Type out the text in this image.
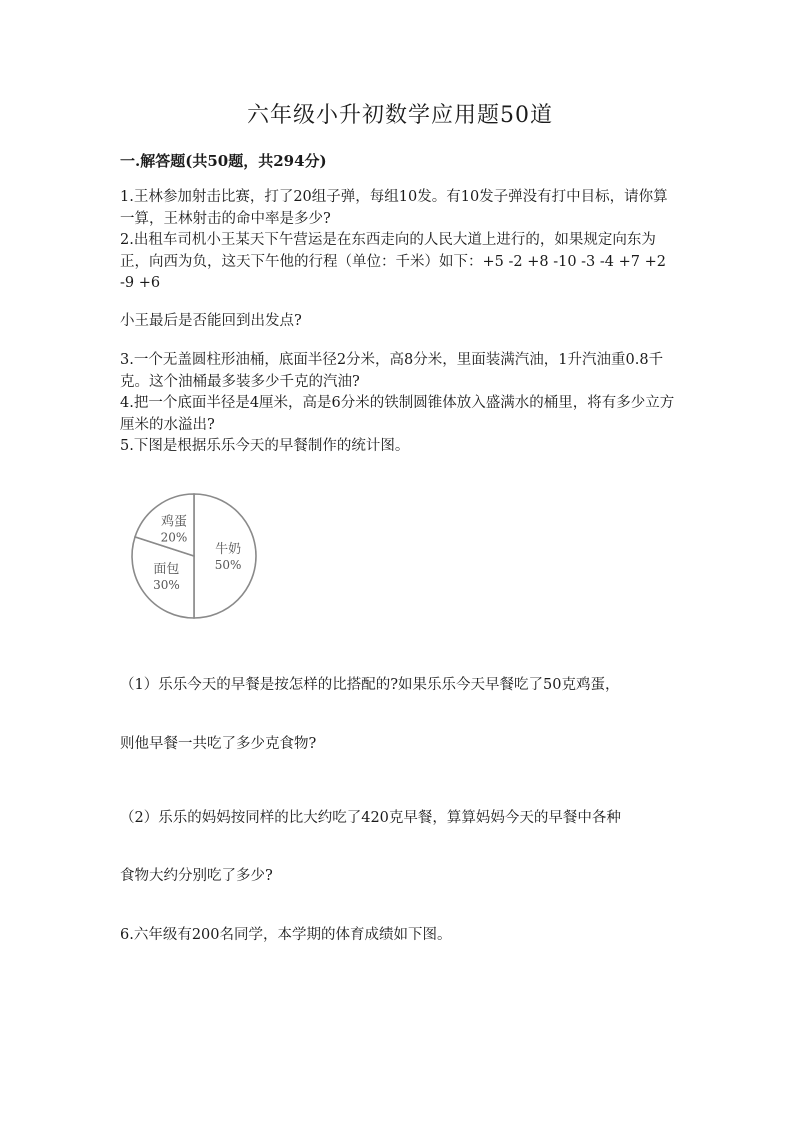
六年级小升初数学应用题50道
一.解答题(共50题，共294分)

1.王林参加射击比赛，打了20组子弹，每组10发。有10发子弹没有打中目标，请你算一算，王林射击的命中率是多少?

2.出租车司机小王某天下午营运是在东西走向的人民大道上进行的，如果规定向东为正，向西为负，这天下午他的行程（单位：千米）如下：+5 -2 +8 -10 -3 -4 +7 +2 -9 +6

小王最后是否能回到出发点?

3.一个无盖圆柱形油桶，底面半径2分米，高8分米，里面装满汽油，1升汽油重0.8千克。这个油桶最多装多少千克的汽油?

4.把一个底面半径是4厘米，高是6分米的铁制圆锥体放入盛满水的桶里，将有多少立方厘米的水溢出?

5.下图是根据乐乐今天的早餐制作的统计图。

牛奶
50%
面包
30%
鸡蛋
20%

（1）乐乐今天的早餐是按怎样的比搭配的?如果乐乐今天早餐吃了50克鸡蛋，

则他早餐一共吃了多少克食物?

（2）乐乐的妈妈按同样的比大约吃了420克早餐，算算妈妈今天的早餐中各种

食物大约分别吃了多少?

6.六年级有200名同学，本学期的体育成绩如下图。
